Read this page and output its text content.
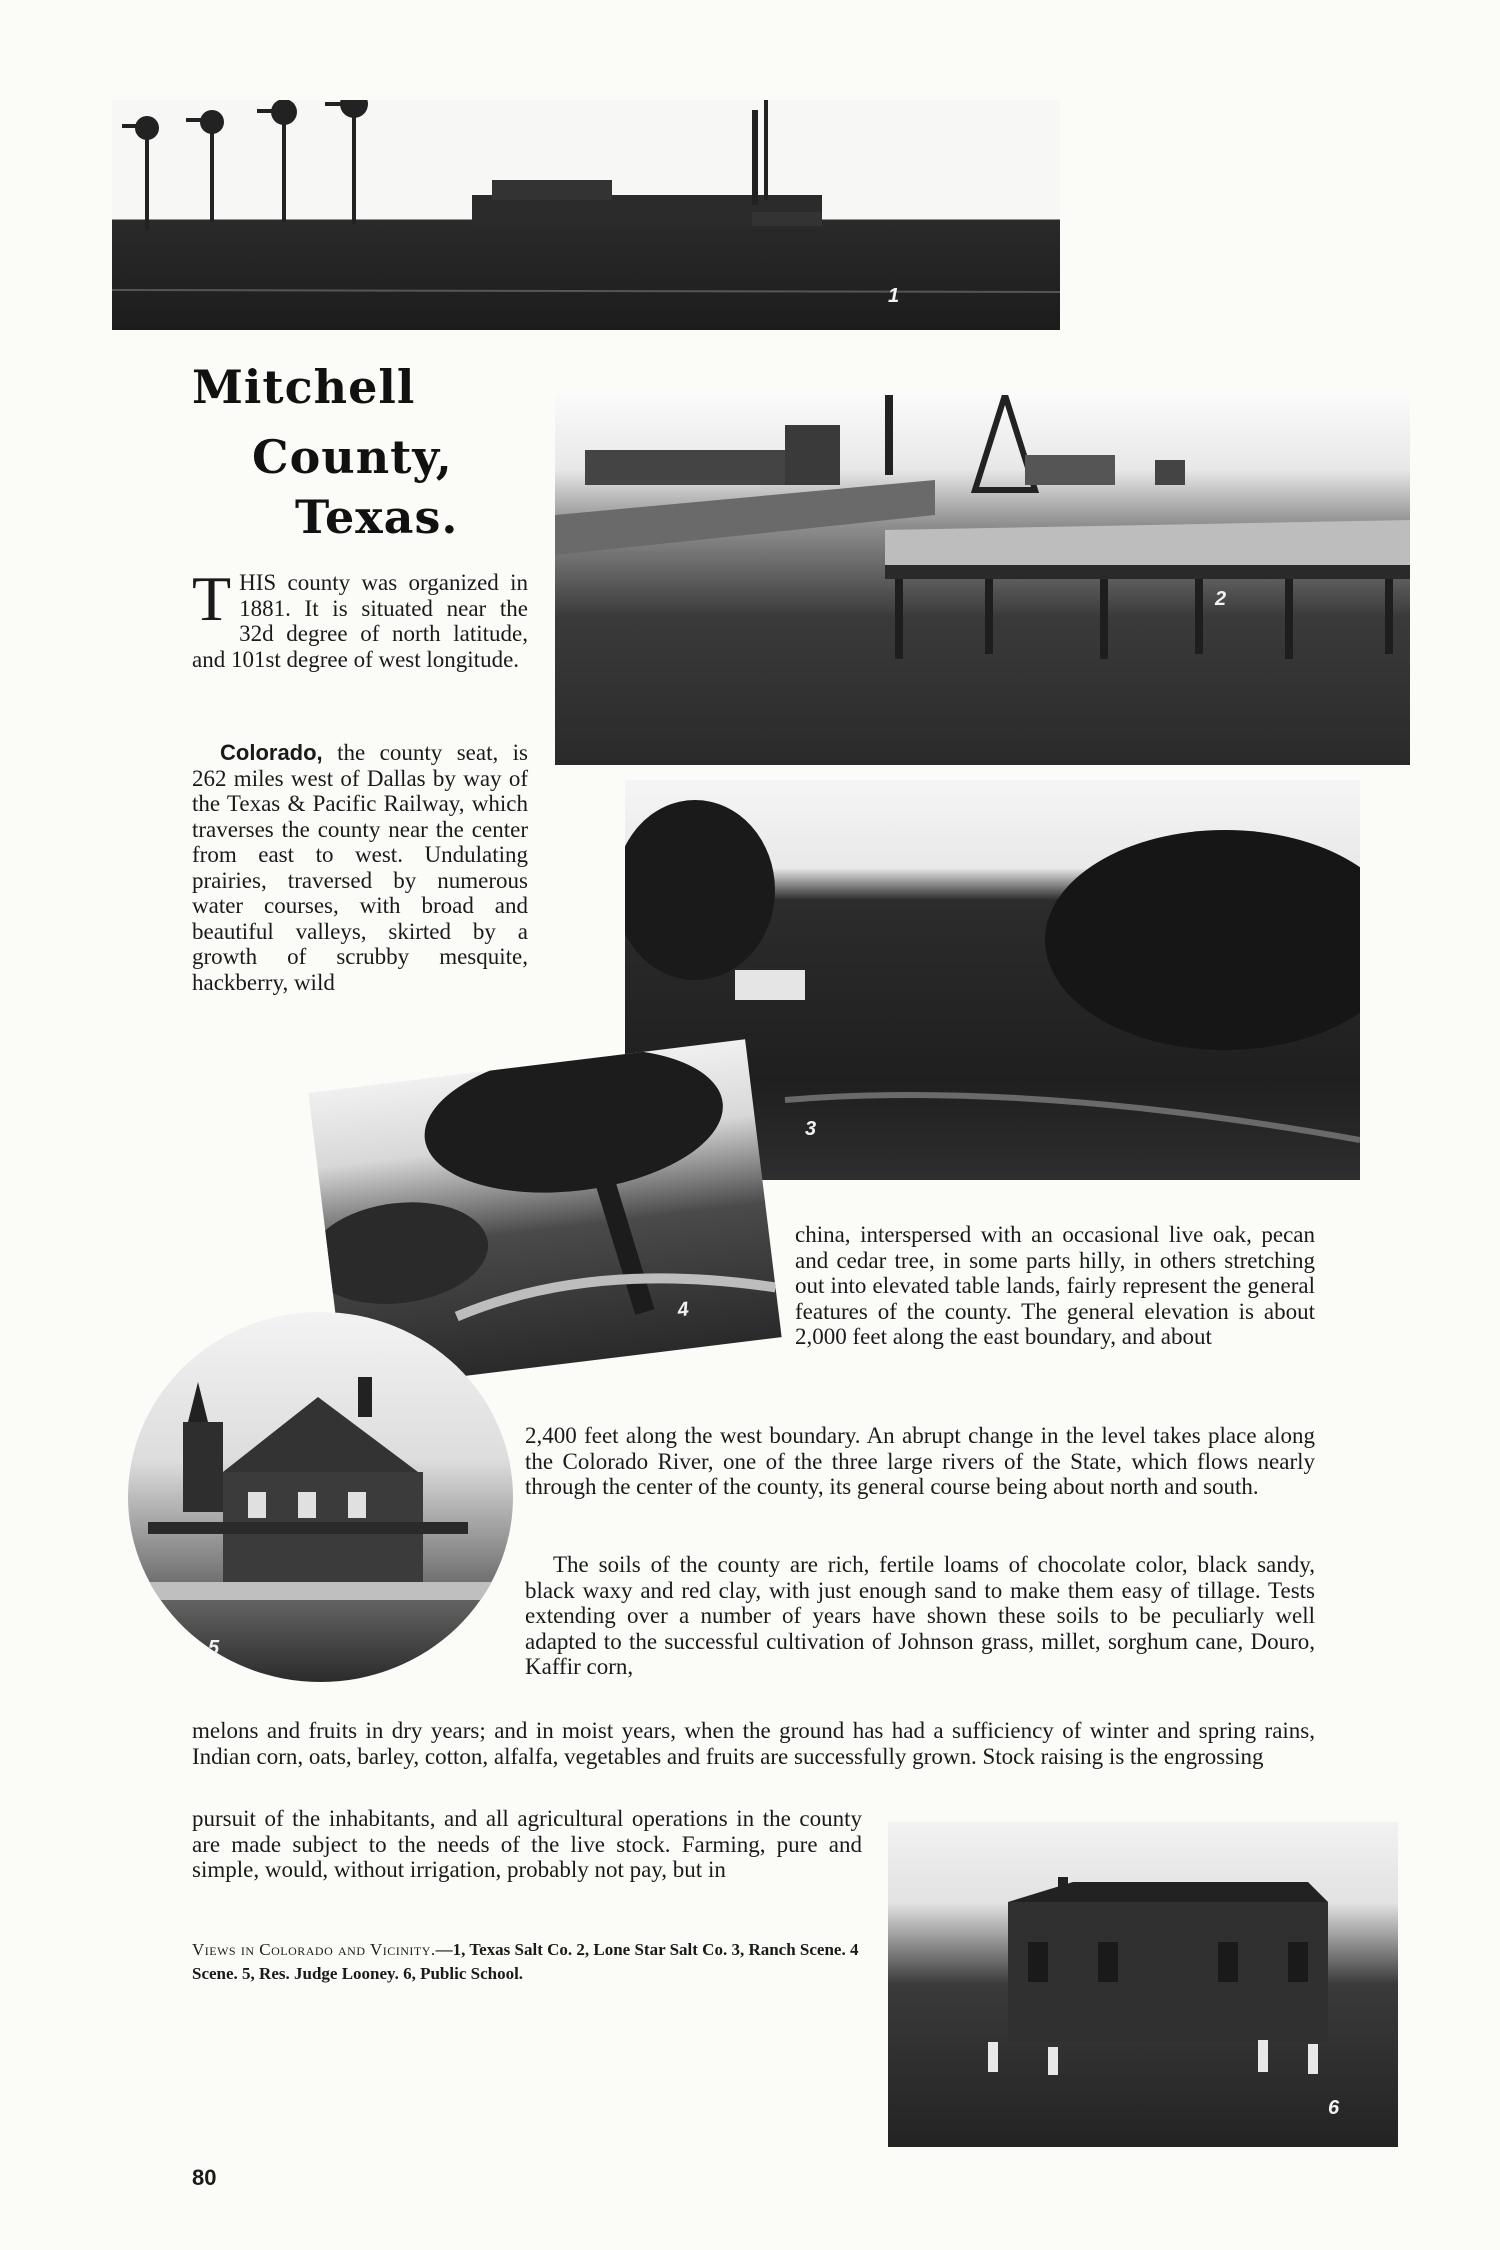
1
2
3
4
5
6
Mitchell
County,
Texas.
T HIS county was organized in 1881. It is situated near the 32d degree of north latitude, and 101st degree of west longitude.
Colorado, the county seat, is 262 miles west of Dallas by way of the Texas & Pacific Railway, which traverses the county near the center from east to west. Undulating prairies, traversed by numerous water courses, with broad and beautiful valleys, skirted by a growth of scrubby mesquite, hackberry, wild
china, interspersed with an occasional live oak, pecan and cedar tree, in some parts hilly, in others stretching out into elevated table lands, fairly represent the general features of the county. The general elevation is about 2,000 feet along the east boundary, and about
2,400 feet along the west boundary. An abrupt change in the level takes place along the Colorado River, one of the three large rivers of the State, which flows nearly through the center of the county, its general course being about north and south.
The soils of the county are rich, fertile loams of chocolate color, black sandy, black waxy and red clay, with just enough sand to make them easy of tillage. Tests extending over a number of years have shown these soils to be peculiarly well adapted to the successful cultivation of Johnson grass, millet, sorghum cane, Douro, Kaffir corn,
melons and fruits in dry years; and in moist years, when the ground has had a sufficiency of winter and spring rains, Indian corn, oats, barley, cotton, alfalfa, vegetables and fruits are successfully grown. Stock raising is the engrossing
pursuit of the inhabitants, and all agricultural operations in the county are made subject to the needs of the live stock. Farming, pure and simple, would, without irrigation, probably not pay, but in
Views in Colorado and Vicinity.—1, Texas Salt Co. 2, Lone Star Salt Co. 3, Ranch Scene. 4 Scene. 5, Res. Judge Looney. 6, Public School.
80
